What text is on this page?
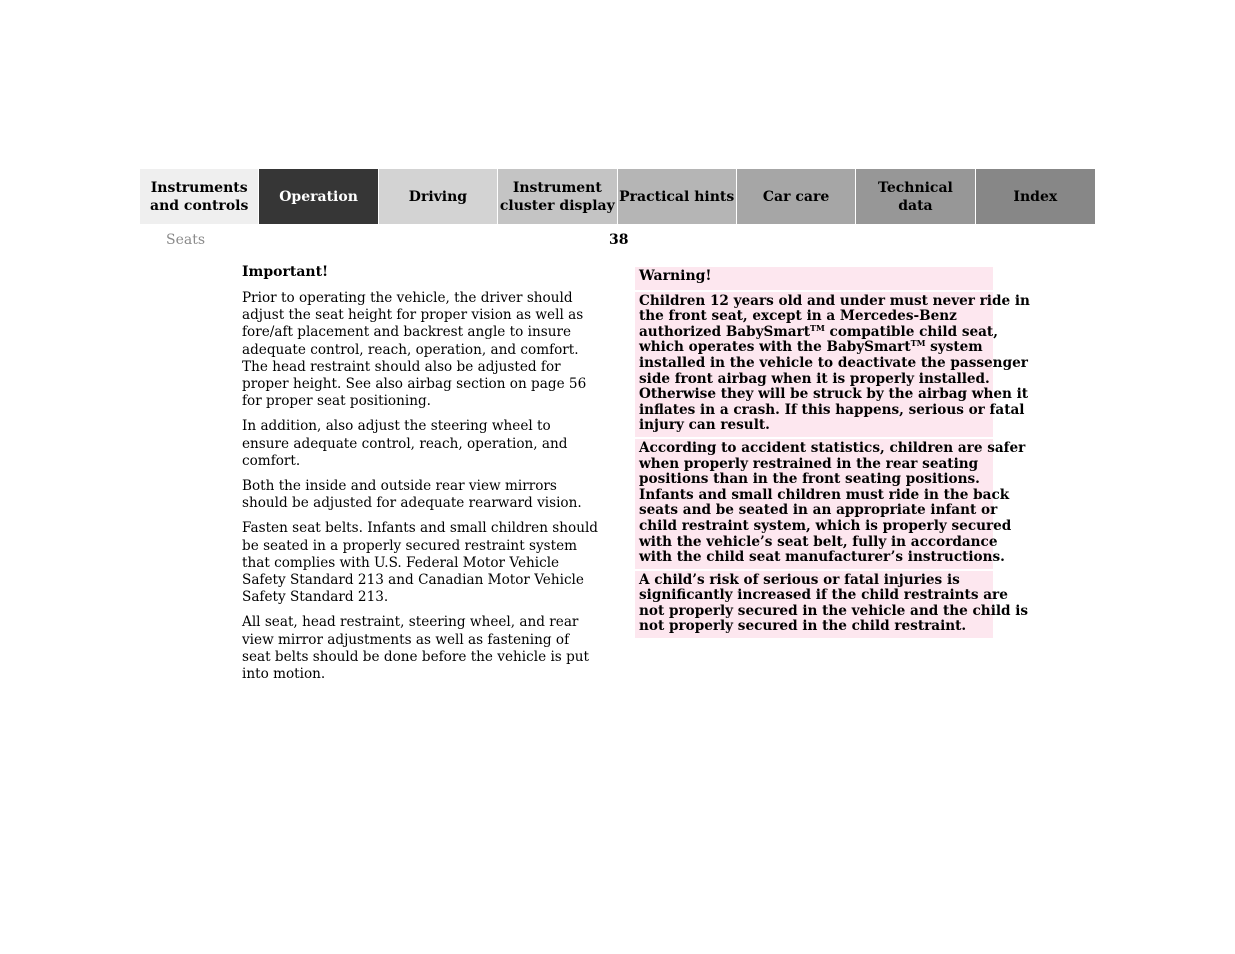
Instruments
and controls
Operation	Driving
Instrument
cluster display
Practical hints	Car care
Technical
data
Index
Seats	38
Important!

Prior to operating the vehicle, the driver should adjust the seat height for proper vision as well as fore/aft placement and backrest angle to insure adequate control, reach, operation, and comfort. The head restraint should also be adjusted for proper height. See also airbag section on page 56 for proper seat positioning.

In addition, also adjust the steering wheel to ensure adequate control, reach, operation, and comfort.

Both the inside and outside rear view mirrors should be adjusted for adequate rearward vision.

Fasten seat belts. Infants and small children should be seated in a properly secured restraint system that complies with U.S. Federal Motor Vehicle Safety Standard 213 and Canadian Motor Vehicle Safety Standard 213.

All seat, head restraint, steering wheel, and rear view mirror adjustments as well as fastening of seat belts should be done before the vehicle is put into motion.

Warning!
Children 12 years old and under must never ride in
the front seat, except in a Mercedes-Benz
authorized BabySmart™ compatible child seat,
which operates with the BabySmart™ system
installed in the vehicle to deactivate the passenger
side front airbag when it is properly installed.
Otherwise they will be struck by the airbag when it
inflates in a crash. If this happens, serious or fatal
injury can result.
According to accident statistics, children are safer
when properly restrained in the rear seating
positions than in the front seating positions.
Infants and small children must ride in the back
seats and be seated in an appropriate infant or
child restraint system, which is properly secured
with the vehicle’s seat belt, fully in accordance
with the child seat manufacturer’s instructions.
A child’s risk of serious or fatal injuries is
significantly increased if the child restraints are
not properly secured in the vehicle and the child is
not properly secured in the child restraint.
